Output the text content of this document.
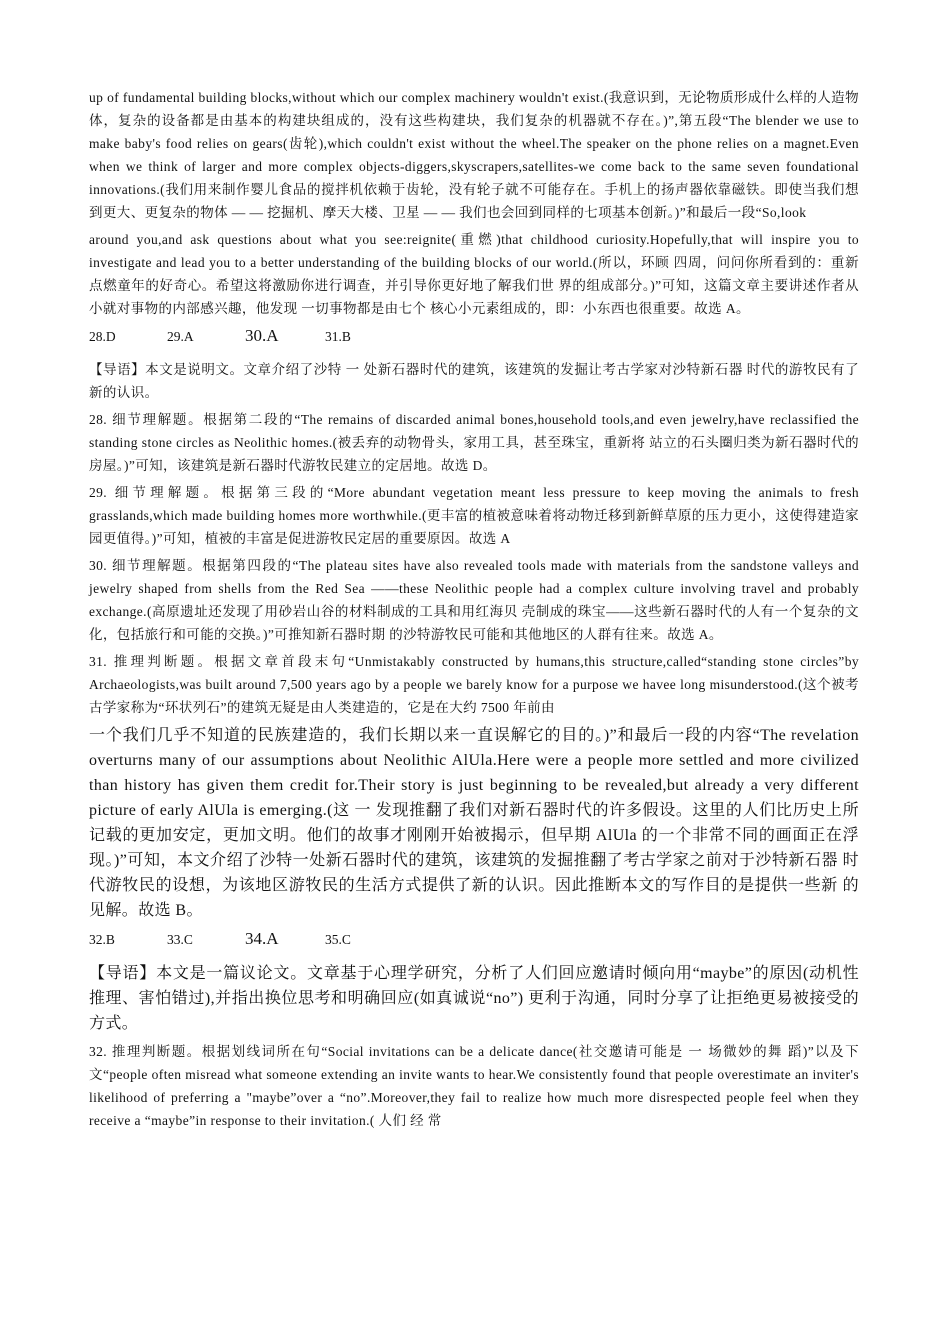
up of fundamental building blocks,without which our complex machinery wouldn't exist.(我意识到，无论物质形成什么样的人造物体，复杂的设备都是由基本的构建块组成的，没有这些构建块，我们复杂的机器就不存在。)”,第五段“The blender we use to make baby's food relies on gears(齿轮),which couldn't exist without the wheel.The speaker on the phone relies on a magnet.Even when we think of larger and more complex objects-diggers,skyscrapers,satellites-we come back to the same seven foundational innovations.(我们用来制作婴儿食品的搅拌机依赖于齿轮，没有轮子就不可能存在。手机上的扬声器依靠磁铁。即使当我们想到更大、更复杂的物体 — — 挖掘机、摩天大楼、卫星 — — 我们也会回到同样的七项基本创新。)”和最后一段“So,look

around you,and ask questions about what you see:reignite(重燃)that childhood curiosity.Hopefully,that will inspire you to investigate and lead you to a better understanding of the building blocks of our world.(所以，环顾 四周，问问你所看到的：重新点燃童年的好奇心。希望这将激励你进行调查，并引导你更好地了解我们世 界的组成部分。)”可知，这篇文章主要讲述作者从小就对事物的内部感兴趣，他发现 一切事物都是由七个 核心小元素组成的，即：小东西也很重要。故选 A。

28.D	29.A	30.A	31.B

【导语】本文是说明文。文章介绍了沙特 一 处新石器时代的建筑，该建筑的发掘让考古学家对沙特新石器 时代的游牧民有了新的认识。

28. 细节理解题。根据第二段的“The remains of discarded animal bones,household tools,and even jewelry,have reclassified the standing stone circles as Neolithic homes.(被丢弃的动物骨头，家用工具，甚至珠宝，重新将 站立的石头圈归类为新石器时代的房屋。)”可知，该建筑是新石器时代游牧民建立的定居地。故选 D。

29. 细节理解题。根据第三段的“More abundant vegetation meant less pressure to keep moving the animals to fresh grasslands,which made building homes more worthwhile.(更丰富的植被意味着将动物迁移到新鲜草原的压力更小，这使得建造家园更值得。)”可知，植被的丰富是促进游牧民定居的重要原因。故选 A

30. 细节理解题。根据第四段的“The plateau sites have also revealed tools made with materials from the sandstone valleys and jewelry shaped from shells from the Red Sea ——these Neolithic people had a complex culture involving travel and probably exchange.(高原遗址还发现了用砂岩山谷的材料制成的工具和用红海贝 壳制成的珠宝——这些新石器时代的人有一个复杂的文化，包括旅行和可能的交换。)”可推知新石器时期 的沙特游牧民可能和其他地区的人群有往来。故选 A。

31. 推理判断题。根据文章首段末句“Unmistakably constructed by humans,this structure,called“standing stone circles”by Archaeologists,was built around 7,500 years ago by a people we barely know for a purpose we havee long misunderstood.(这个被考古学家称为“环状列石”的建筑无疑是由人类建造的，它是在大约 7500 年前由

一个我们几乎不知道的民族建造的，我们长期以来一直误解它的目的。)”和最后一段的内容“The revelation overturns many of our assumptions about Neolithic AlUla.Here were a people more settled and more civilized than history has given them credit for.Their story is just beginning to be revealed,but already a very different picture of early AlUla is emerging.(这 一 发现推翻了我们对新石器时代的许多假设。这里的人们比历史上所 记载的更加安定，更加文明。他们的故事才刚刚开始被揭示，但早期 AlUla 的一个非常不同的画面正在浮 现。)”可知，本文介绍了沙特一处新石器时代的建筑，该建筑的发掘推翻了考古学家之前对于沙特新石器 时代游牧民的设想，为该地区游牧民的生活方式提供了新的认识。因此推断本文的写作目的是提供一些新 的见解。故选 B。

32.B	33.C	34.A	35.C

【导语】本文是一篇议论文。文章基于心理学研究，分析了人们回应邀请时倾向用“maybe”的原因(动机性推理、害怕错过),并指出换位思考和明确回应(如真诚说“no”) 更利于沟通，同时分享了让拒绝更易被接受的方式。

32. 推理判断题。根据划线词所在句“Social invitations can be a delicate dance(社交邀请可能是 一 场微妙的舞 蹈)”以及下文“people often misread what someone extending an invite wants to hear.We consistently found that people overestimate an inviter's likelihood of preferring a "maybe”over a “no”.Moreover,they fail to realize how much more disrespected people feel when they receive a “maybe”in response to their invitation.( 人们 经 常
